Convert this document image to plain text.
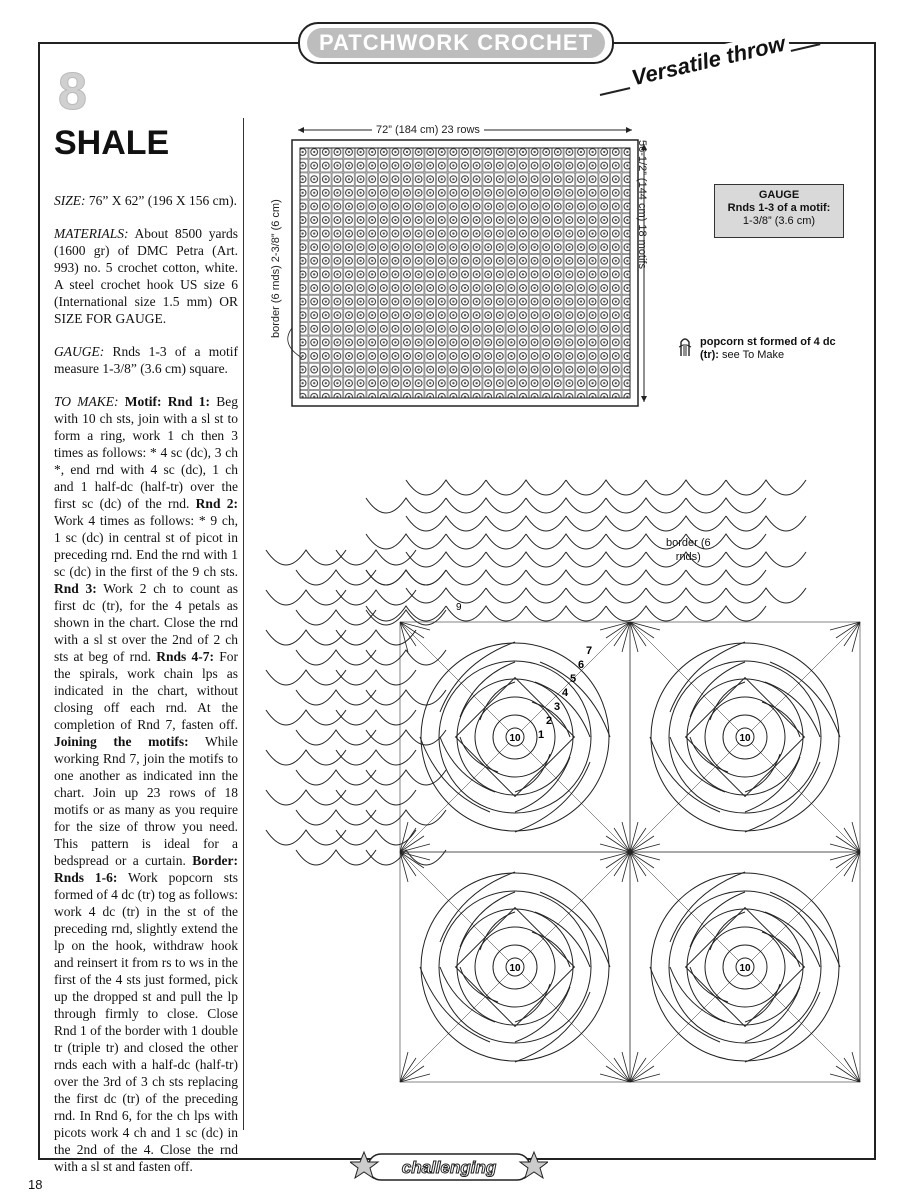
PATCHWORK CROCHET	Versatile throw
8
SHALE

SIZE: 76” X 62” (196 X 156 cm).

MATERIALS: About 8500 yards (1600 gr) of DMC Petra (Art. 993) no. 5 crochet cotton, white. A steel crochet hook US size 6 (International size 1.5 mm) OR SIZE FOR GAUGE.

GAUGE: Rnds 1-3 of a motif measure 1-3/8” (3.6 cm) square.

TO MAKE: Motif: Rnd 1: Beg with 10 ch sts, join with a sl st to form a ring, work 1 ch then 3 times as follows: * 4 sc (dc), 3 ch *, end rnd with 4 sc (dc), 1 ch and 1 half-dc (half-tr) over the first sc (dc) of the rnd. Rnd 2: Work 4 times as follows: * 9 ch, 1 sc (dc) in central st of picot in preceding rnd. End the rnd with 1 sc (dc) in the first of the 9 ch sts. Rnd 3: Work 2 ch to count as first dc (tr), for the 4 petals as shown in the chart. Close the rnd with a sl st over the 2nd of 2 ch sts at beg of rnd. Rnds 4-7: For the spirals, work chain lps as indicated in the chart, without closing off each rnd. At the completion of Rnd 7, fasten off. Joining the motifs: While working Rnd 7, join the motifs to one another as indicated inn the chart. Join up 23 rows of 18 motifs or as many as you require for the size of throw you need. This pattern is ideal for a bedspread or a curtain. Border: Rnds 1-6: Work popcorn sts formed of 4 dc (tr) tog as follows: work 4 dc (tr) in the st of the preceding rnd, slightly extend the lp on the hook, withdraw hook and reinsert it from rs to ws in the first of the 4 sts just formed, pick up the dropped st and pull the lp through firmly to close. Close Rnd 1 of the border with 1 double tr (triple tr) and closed the other rnds each with a half-dc (half-tr) over the 3rd of 3 ch sts replacing the first dc (tr) of the preceding rnd. In Rnd 6, for the ch lps with picots work 4 ch and 1 sc (dc) in the 2nd of the 4. Close the rnd with a sl st and fasten off.

72” (184 cm) 23 rows
56-1/2” (144 cm) 18 motifs
border (6 rnds) 2-3/8” (6 cm)
GAUGE
Rnds 1-3 of a motif:
1-3/8” (3.6 cm)
popcorn st formed of 4 dc
(tr): see To Make
border (6
rnds)
10	10
10	10
1
2
3
4
5
6
7
9
challenging
18
